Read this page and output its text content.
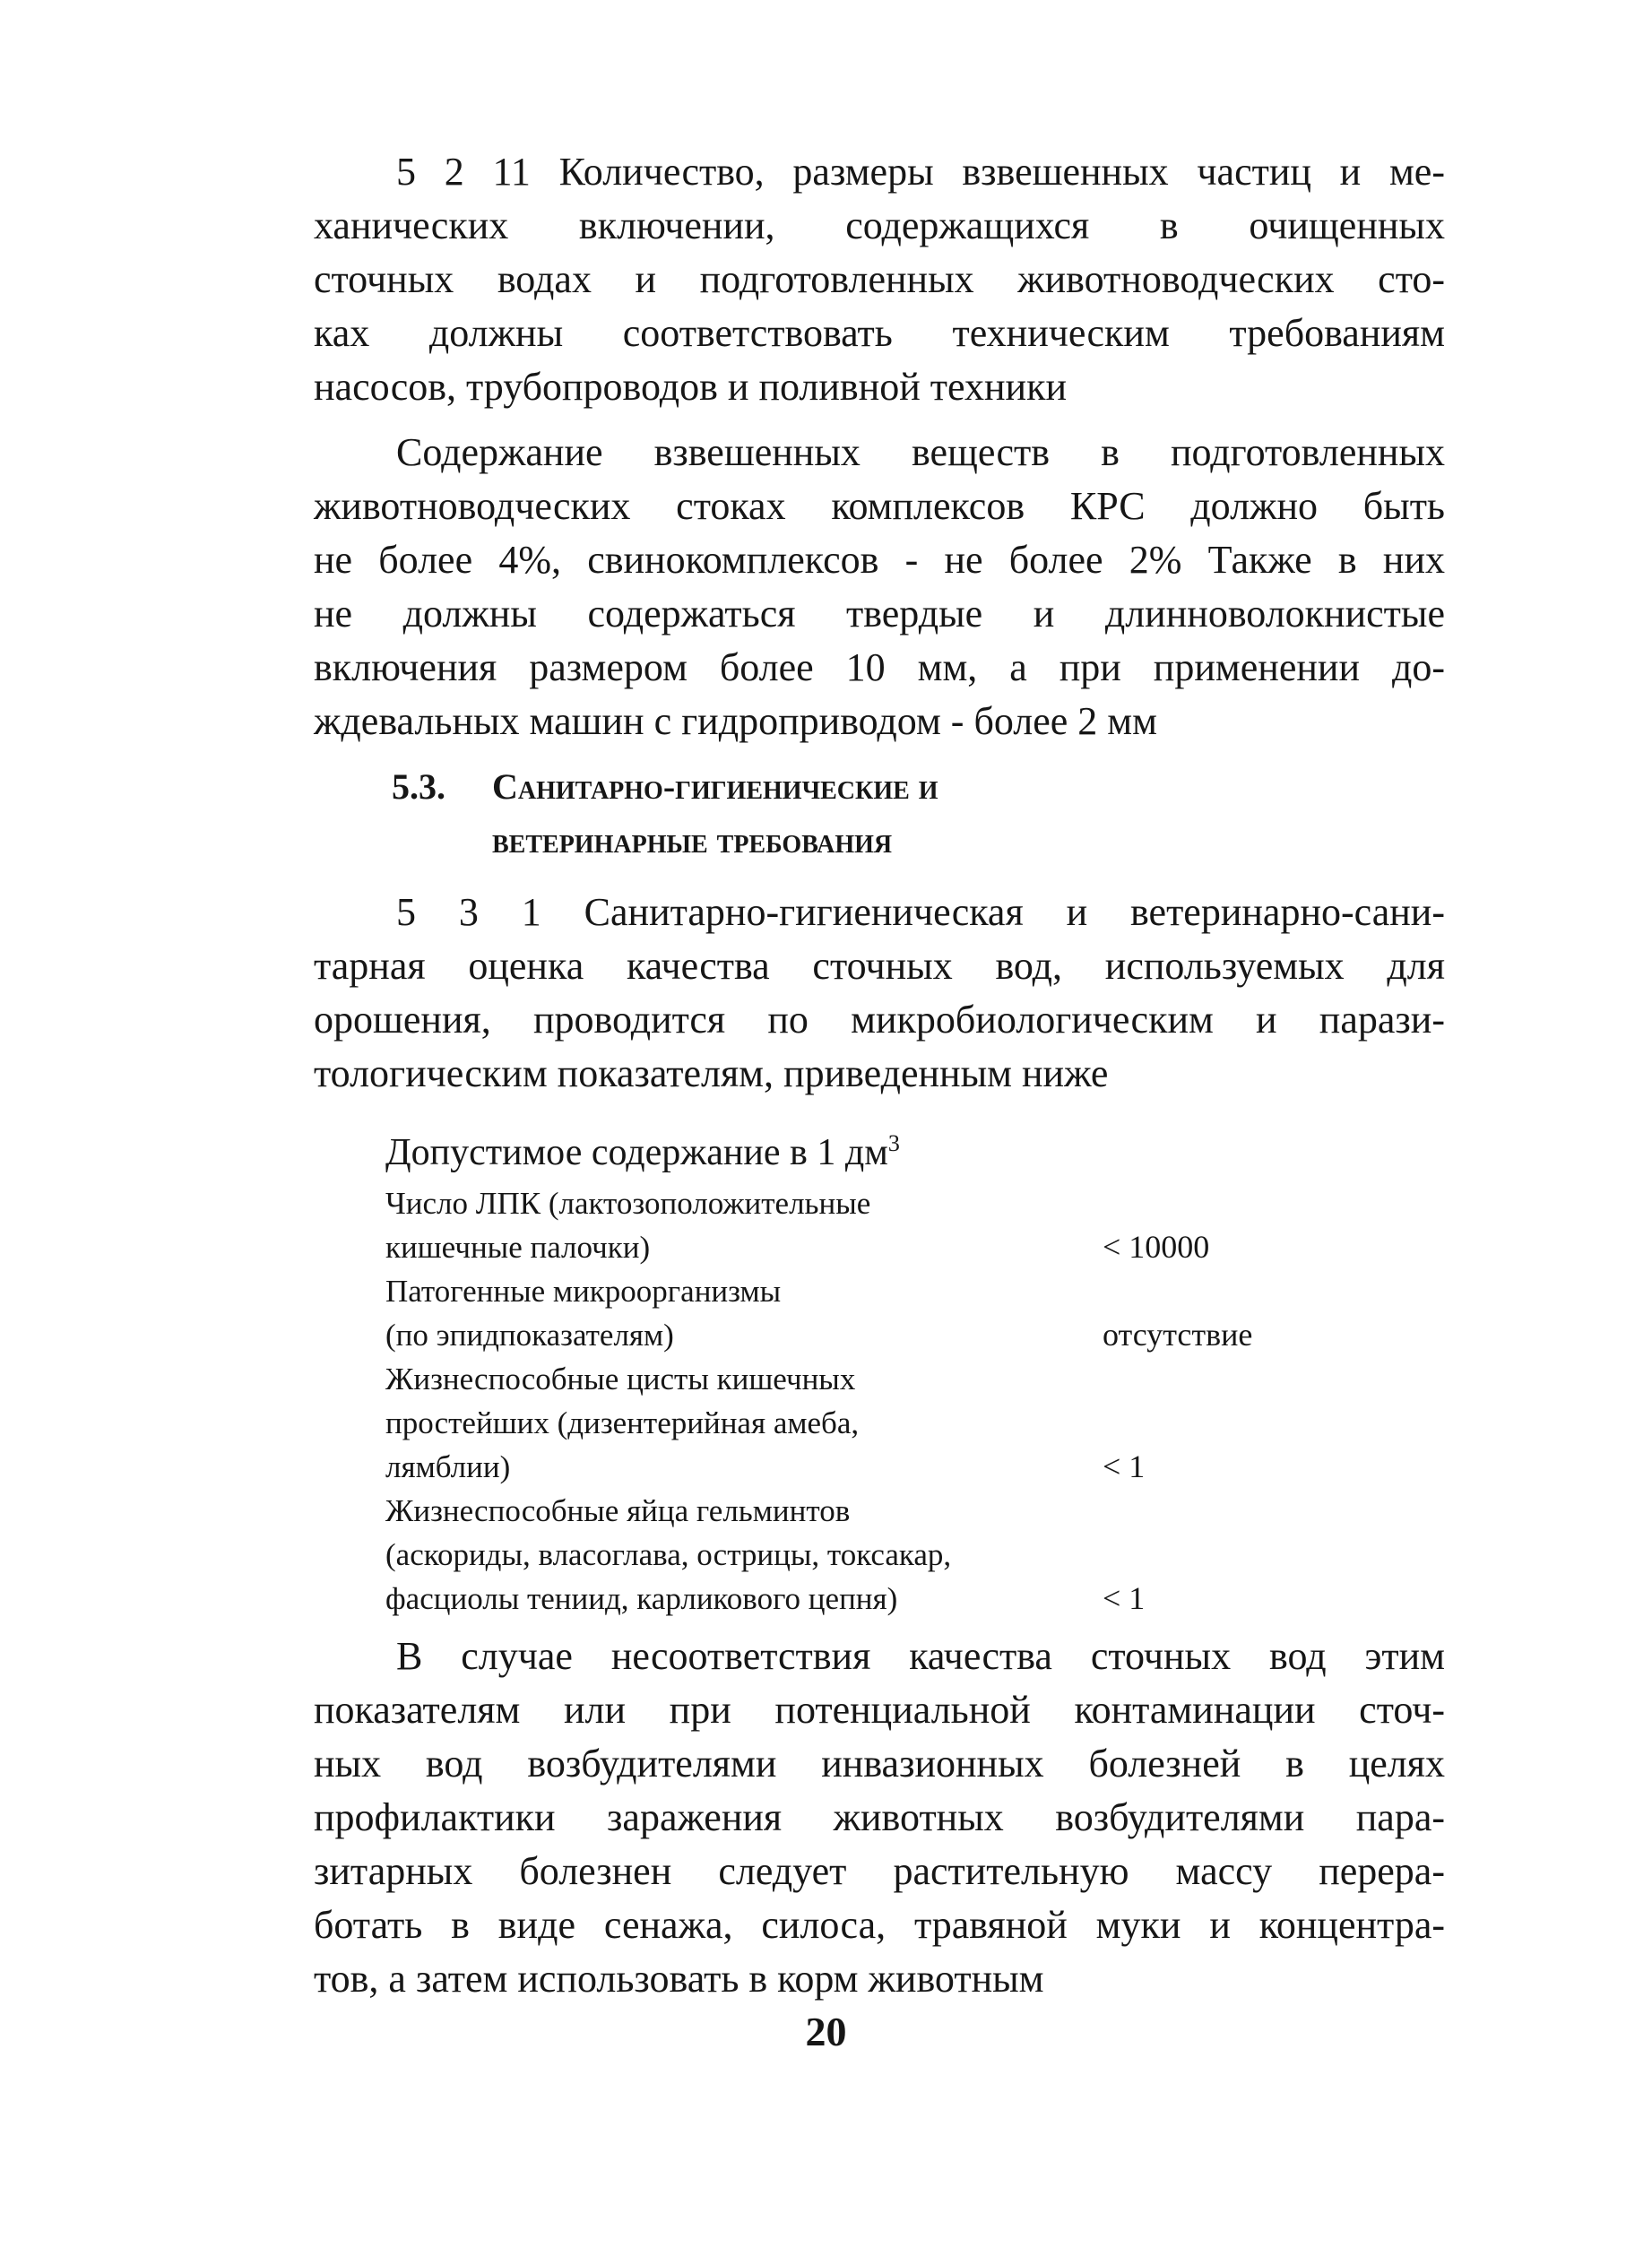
5 2 11 Количество, размеры взвешенных частиц и ме-
ханических включении, содержащихся в очищенных
сточных водах и подготовленных животноводческих сто-
ках должны соответствовать техническим требованиям
насосов, трубопроводов и поливной техники

Содержание взвешенных веществ в подготовленных
животноводческих стоках комплексов КРС должно быть
не более 4%, свинокомплексов - не более 2% Также в них
не должны содержаться твердые и длинноволокнистые
включения размером более 10 мм, а при применении до-
ждевальных машин с гидроприводом - более 2 мм

5.3. Санитарно-гигиенические и
ветеринарные требования

5 3 1 Санитарно-гигиеническая и ветеринарно-сани-
тарная оценка качества сточных вод, используемых для
орошения, проводится по микробиологическим и парази-
тологическим показателям, приведенным ниже

Допустимое содержание в 1 $дм^3$
Число ЛПК (лактозоположительные
кишечные палочки)	< 10000
Патогенные микроорганизмы
(по эпидпоказателям)	отсутствие
Жизнеспособные цисты кишечных
простейших (дизентерийная амеба,
лямблии)	< 1
Жизнеспособные яйца гельминтов
(аскориды, власоглава, острицы, токсакар,
фасциолы тениид, карликового цепня)	< 1

В случае несоответствия качества сточных вод этим
показателям или при потенциальной контаминации сточ-
ных вод возбудителями инвазионных болезней в целях
профилактики заражения животных возбудителями пара-
зитарных болезнен следует растительную массу перера-
ботать в виде сенажа, силоса, травяной муки и концентра-
тов, а затем использовать в корм животным

20
